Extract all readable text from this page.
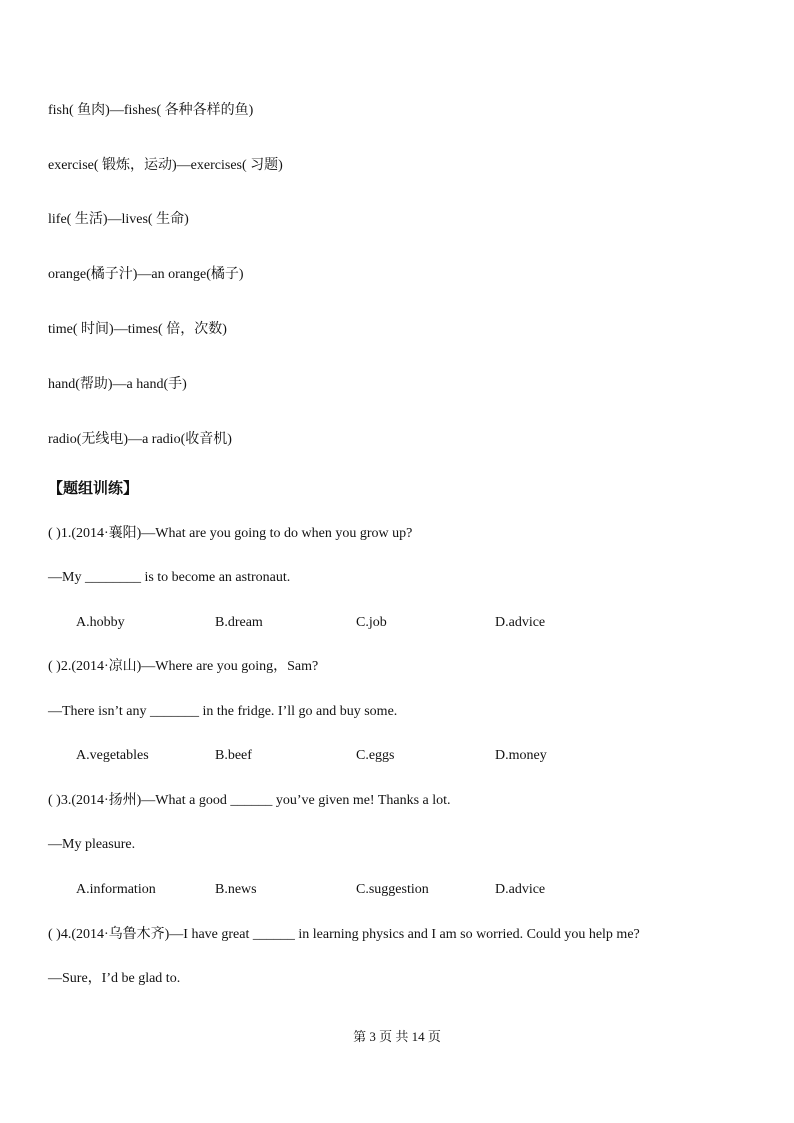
fish( 鱼肉)—fishes( 各种各样的鱼)
exercise( 锻炼，运动)—exercises( 习题)
life( 生活)—lives( 生命)
orange(橘子汁)—an orange(橘子)
time( 时间)—times( 倍，次数)
hand(帮助)—a hand(手)
radio(无线电)—a radio(收音机)
【题组训练】
( )1.(2014·襄阳)—What are you going to do when you grow up?
—My ________ is to become an astronaut.
A.hobby	B.dream	C.job	D.advice
( )2.(2014·凉山)—Where are you going，Sam?
—There isn’t any _______ in the fridge. I’ll go and buy some.
A.vegetables	B.beef	C.eggs	D.money
( )3.(2014·扬州)—What a good ______ you’ve given me! Thanks a lot.
—My pleasure.
A.information	B.news	C.suggestion	D.advice
( )4.(2014·乌鲁木齐)—I have great ______ in learning physics and I am so worried. Could you help me?
—Sure，I’d be glad to.
第 3 页 共 14 页
